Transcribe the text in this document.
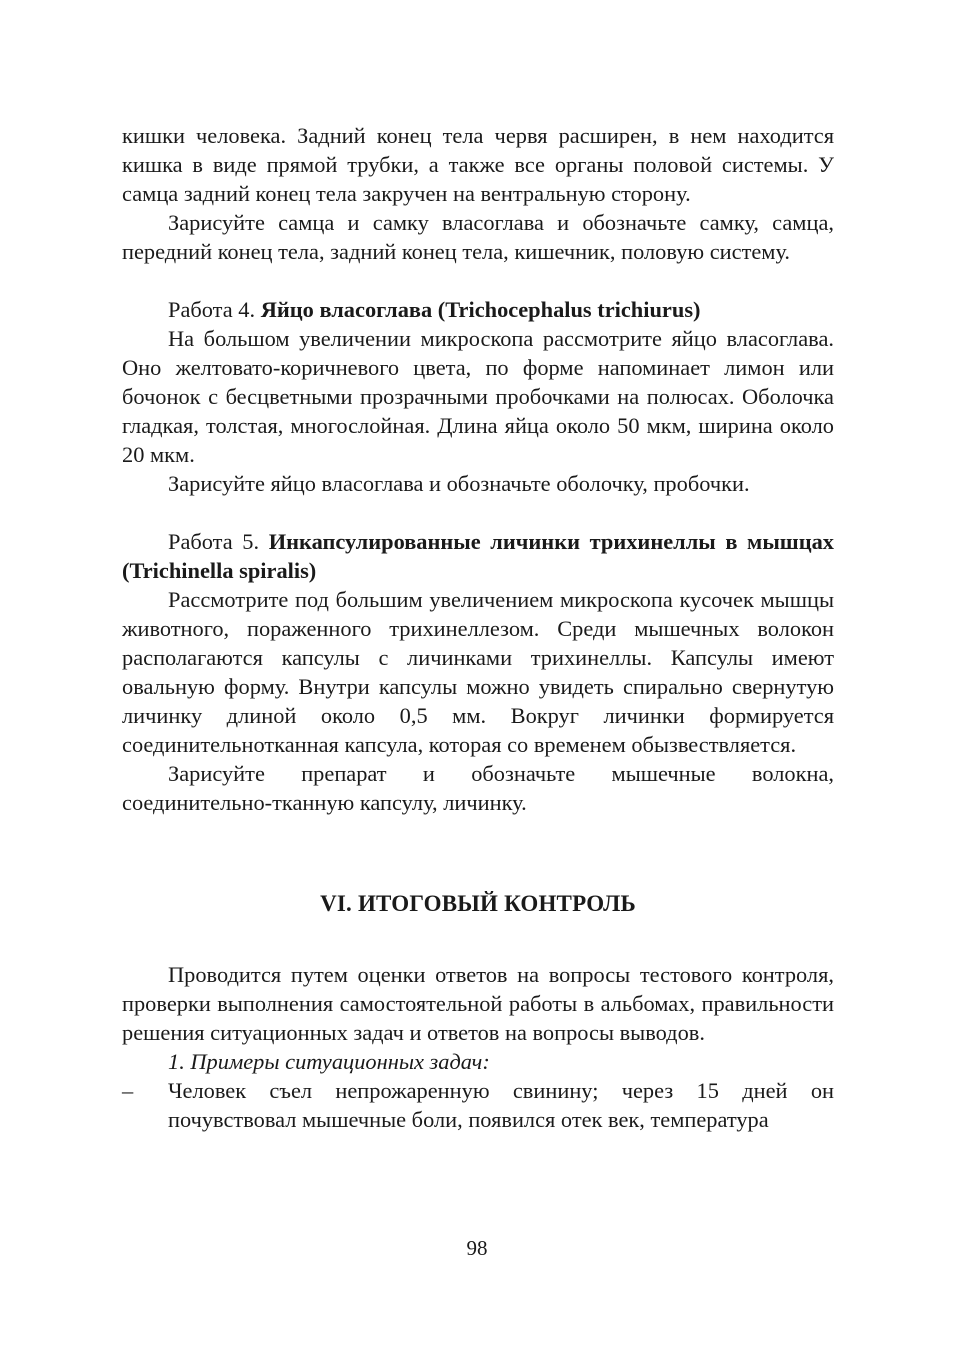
кишки человека. Задний конец тела червя расширен, в нем находится кишка в виде прямой трубки, а также все органы половой системы. У самца задний конец тела закручен на вентральную сторону.

Зарисуйте самца и самку власоглава и обозначьте самку, самца, передний конец тела, задний конец тела, кишечник, половую систему.

Работа 4. Яйцо власоглава (Trichocephalus trichiurus)

На большом увеличении микроскопа рассмотрите яйцо власоглава. Оно желтовато-коричневого цвета, по форме напоминает лимон или бочонок с бесцветными прозрачными пробочками на полюсах. Оболочка гладкая, толстая, многослойная. Длина яйца около 50 мкм, ширина около 20 мкм.

Зарисуйте яйцо власоглава и обозначьте оболочку, пробочки.

Работа 5. Инкапсулированные личинки трихинеллы в мышцах (Trichinella spiralis)

Рассмотрите под большим увеличением микроскопа кусочек мышцы животного, пораженного трихинеллезом. Среди мышечных волокон располагаются капсулы с личинками трихинеллы. Капсулы имеют овальную форму. Внутри капсулы можно увидеть спирально свернутую личинку длиной около 0,5 мм. Вокруг личинки формируется соединительнотканная капсула, которая со временем обызвествляется.

Зарисуйте препарат и обозначьте мышечные волокна, соединительно-тканную капсулу, личинку.

VI. ИТОГОВЫЙ КОНТРОЛЬ

Проводится путем оценки ответов на вопросы тестового контроля, проверки выполнения самостоятельной работы в альбомах, правильности решения ситуационных задач и ответов на вопросы выводов.

1. Примеры ситуационных задач:

– Человек съел непрожаренную свинину; через 15 дней он почувствовал мышечные боли, появился отек век, температура

98
